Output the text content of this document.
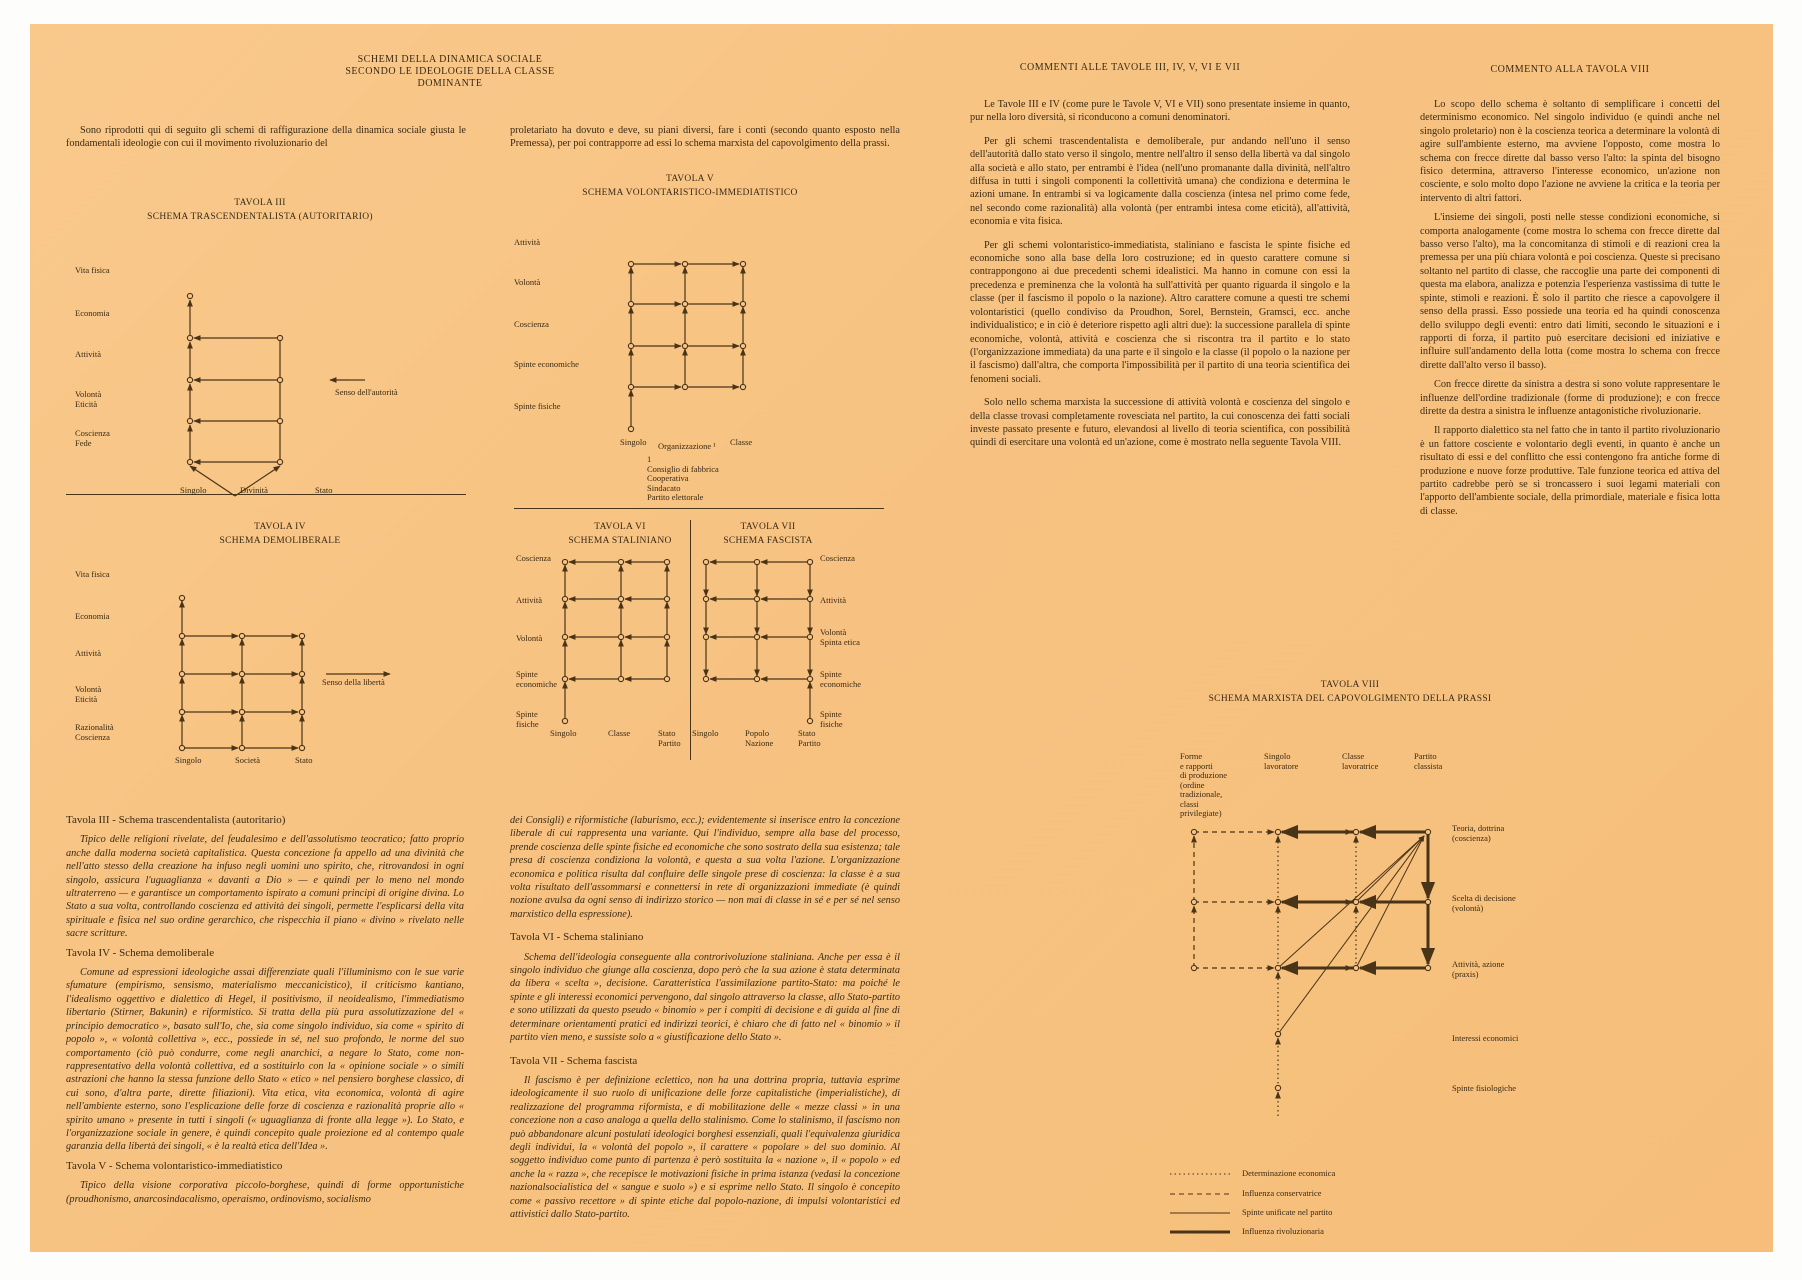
SCHEMI DELLA DINAMICA SOCIALE
SECONDO LE IDEOLOGIE DELLA CLASSE DOMINANTE

Sono riprodotti qui di seguito gli schemi di raffigurazione della dinamica sociale giusta le fondamentali ideologie con cui il movimento rivoluzionario del

proletariato ha dovuto e deve, su piani diversi, fare i conti (secondo quanto esposto nella Premessa), per poi contrapporre ad essi lo schema marxista del capovolgimento della prassi.

TAVOLA III
SCHEMA TRASCENDENTALISTA (AUTORITARIO)
TAVOLA IV
SCHEMA DEMOLIBERALE
TAVOLA V
SCHEMA VOLONTARISTICO-IMMEDIATISTICO
1
Consiglio di fabbrica
Cooperativa
Sindacato
Partito elettorale
TAVOLA VI
SCHEMA STALINIANO
TAVOLA VII
SCHEMA FASCISTA
Tavola III - Schema trascendentalista (autoritario)

Tipico delle religioni rivelate, del feudalesimo e dell'assolutismo teocratico; fatto proprio anche dalla moderna società capitalistica. Questa concezione fa appello ad una divinità che nell'atto stesso della creazione ha infuso negli uomini uno spirito, che, ritrovandosi in ogni singolo, assicura l'uguaglianza « davanti a Dio » — e quindi per lo meno nel mondo ultraterreno — e garantisce un comportamento ispirato a comuni principi di origine divina. Lo Stato a sua volta, controllando coscienza ed attività dei singoli, permette l'esplicarsi della vita spirituale e fisica nel suo ordine gerarchico, che rispecchia il piano « divino » rivelato nelle sacre scritture.

Tavola IV - Schema demoliberale

Comune ad espressioni ideologiche assai differenziate quali l'illuminismo con le sue varie sfumature (empirismo, sensismo, materialismo meccanicistico), il criticismo kantiano, l'idealismo oggettivo e dialettico di Hegel, il positivismo, il neoidealismo, l'immediatismo libertario (Stirner, Bakunin) e riformistico. Si tratta della più pura assolutizzazione del « principio democratico », basato sull'Io, che, sia come singolo individuo, sia come « spirito di popolo », « volontà collettiva », ecc., possiede in sé, nel suo profondo, le norme del suo comportamento (ciò può condurre, come negli anarchici, a negare lo Stato, come non-rappresentativo della volontà collettiva, ed a sostituirlo con la « opinione sociale » o simili astrazioni che hanno la stessa funzione dello Stato « etico » nel pensiero borghese classico, di cui sono, d'altra parte, dirette filiazioni). Vita etica, vita economica, volontà di agire nell'ambiente esterno, sono l'esplicazione delle forze di coscienza e razionalità proprie allo « spirito umano » presente in tutti i singoli (« uguaglianza di fronte alla legge »). Lo Stato, e l'organizzazione sociale in genere, è quindi concepito quale proiezione ed al contempo quale garanzia della libertà dei singoli, « è la realtà etica dell'Idea ».

Tavola V - Schema volontaristico-immediatistico

Tipico della visione corporativa piccolo-borghese, quindi di forme opportunistiche (proudhonismo, anarcosindacalismo, operaismo, ordinovismo, socialismo

dei Consigli) e riformistiche (laburismo, ecc.); evidentemente si inserisce entro la concezione liberale di cui rappresenta una variante. Qui l'individuo, sempre alla base del processo, prende coscienza delle spinte fisiche ed economiche che sono sostrato della sua esistenza; tale presa di coscienza condiziona la volontà, e questa a sua volta l'azione. L'organizzazione economica e politica risulta dal confluire delle singole prese di coscienza: la classe è a sua volta risultato dell'assommarsi e connettersi in rete di organizzazioni immediate (è quindi nozione avulsa da ogni senso di indirizzo storico — non mai di classe in sé e per sé nel senso marxistico della espressione).

Tavola VI - Schema staliniano

Schema dell'ideologia conseguente alla controrivoluzione staliniana. Anche per essa è il singolo individuo che giunge alla coscienza, dopo però che la sua azione è stata determinata da libera « scelta », decisione. Caratteristica l'assimilazione partito-Stato: ma poiché le spinte e gli interessi economici pervengono, dal singolo attraverso la classe, allo Stato-partito e sono utilizzati da questo pseudo « binomio » per i compiti di decisione e di guida al fine di determinare orientamenti pratici ed indirizzi teorici, è chiaro che di fatto nel « binomio » il partito vien meno, e sussiste solo a « giustificazione dello Stato ».

Tavola VII - Schema fascista

Il fascismo è per definizione eclettico, non ha una dottrina propria, tuttavia esprime ideologicamente il suo ruolo di unificazione delle forze capitalistiche (imperialistiche), di realizzazione del programma riformista, e di mobilitazione delle « mezze classi » in una concezione non a caso analoga a quella dello stalinismo. Come lo stalinismo, il fascismo non può abbandonare alcuni postulati ideologici borghesi essenziali, quali l'equivalenza giuridica degli individui, la « volontà del popolo », il carattere « popolare » del suo dominio. Al soggetto individuo come punto di partenza è però sostituita la « nazione », il « popolo » ed anche la « razza », che recepisce le motivazioni fisiche in prima istanza (vedasi la concezione nazionalsocialistica del « sangue e suolo ») e si esprime nello Stato. Il singolo è concepito come « passivo recettore » di spinte etiche dal popolo-nazione, di impulsi volontaristici ed attivistici dallo Stato-partito.

COMMENTI ALLE TAVOLE III, IV, V, VI E VII

Le Tavole III e IV (come pure le Tavole V, VI e VII) sono presentate insieme in quanto, pur nella loro diversità, si riconducono a comuni denominatori.

Per gli schemi trascendentalista e demoliberale, pur andando nell'uno il senso dell'autorità dallo stato verso il singolo, mentre nell'altro il senso della libertà va dal singolo alla società e allo stato, per entrambi è l'idea (nell'uno promanante dalla divinità, nell'altro diffusa in tutti i singoli componenti la collettività umana) che condiziona e determina le azioni umane. In entrambi si va logicamente dalla coscienza (intesa nel primo come fede, nel secondo come razionalità) alla volontà (per entrambi intesa come eticità), all'attività, economia e vita fisica.

Per gli schemi volontaristico-immediatista, staliniano e fascista le spinte fisiche ed economiche sono alla base della loro costruzione; ed in questo carattere comune si contrappongono ai due precedenti schemi idealistici. Ma hanno in comune con essi la precedenza e preminenza che la volontà ha sull'attività per quanto riguarda il singolo e la classe (per il fascismo il popolo o la nazione). Altro carattere comune a questi tre schemi volontaristici (quello condiviso da Proudhon, Sorel, Bernstein, Gramsci, ecc. anche individualistico; e in ciò è deteriore rispetto agli altri due): la successione parallela di spinte economiche, volontà, attività e coscienza che si riscontra tra il partito e lo stato (l'organizzazione immediata) da una parte e il singolo e la classe (il popolo o la nazione per il fascismo) dall'altra, che comporta l'impossibilità per il partito di una teoria scientifica dei fenomeni sociali.

Solo nello schema marxista la successione di attività volontà e coscienza del singolo e della classe trovasi completamente rovesciata nel partito, la cui conoscenza dei fatti sociali investe passato presente e futuro, elevandosi al livello di teoria scientifica, con possibilità quindi di esercitare una volontà ed un'azione, come è mostrato nella seguente Tavola VIII.

COMMENTO ALLA TAVOLA VIII

Lo scopo dello schema è soltanto di semplificare i concetti del determinismo economico. Nel singolo individuo (e quindi anche nel singolo proletario) non è la coscienza teorica a determinare la volontà di agire sull'ambiente esterno, ma avviene l'opposto, come mostra lo schema con frecce dirette dal basso verso l'alto: la spinta del bisogno fisico determina, attraverso l'interesse economico, un'azione non cosciente, e solo molto dopo l'azione ne avviene la critica e la teoria per intervento di altri fattori.

L'insieme dei singoli, posti nelle stesse condizioni economiche, si comporta analogamente (come mostra lo schema con frecce dirette dal basso verso l'alto), ma la concomitanza di stimoli e di reazioni crea la premessa per una più chiara volontà e poi coscienza. Queste si precisano soltanto nel partito di classe, che raccoglie una parte dei componenti di questa ma elabora, analizza e potenzia l'esperienza vastissima di tutte le spinte, stimoli e reazioni. È solo il partito che riesce a capovolgere il senso della prassi. Esso possiede una teoria ed ha quindi conoscenza dello sviluppo degli eventi: entro dati limiti, secondo le situazioni e i rapporti di forza, il partito può esercitare decisioni ed iniziative e influire sull'andamento della lotta (come mostra lo schema con frecce dirette dall'alto verso il basso).

Con frecce dirette da sinistra a destra si sono volute rappresentare le influenze dell'ordine tradizionale (forme di produzione); e con frecce dirette da destra a sinistra le influenze antagonistiche rivoluzionarie.

Il rapporto dialettico sta nel fatto che in tanto il partito rivoluzionario è un fattore cosciente e volontario degli eventi, in quanto è anche un risultato di essi e del conflitto che essi contengono fra antiche forme di produzione e nuove forze produttive. Tale funzione teorica ed attiva del partito cadrebbe però se si troncassero i suoi legami materiali con l'apporto dell'ambiente sociale, della primordiale, materiale e fisica lotta di classe.

TAVOLA VIII
SCHEMA MARXISTA DEL CAPOVOLGIMENTO DELLA PRASSI
Vita fisica
Economia
Attività
Volontà
Eticità
Coscienza
Fede
Singolo	Divinità	Stato
Senso dell'autorità
Vita fisica
Economia
Attività
Volontà
Eticità
Razionalità
Coscienza
Singolo	Società	Stato
Senso della libertà
Attività
Volontà
Coscienza
Spinte economiche
Spinte fisiche
Singolo Organizzazione ¹ Classe
Coscienza
Attività
Volontà
Spinte
economiche
Spinte
fisiche
Singolo	Classe	Stato
Partito
Coscienza
Attività
Volontà
Spinta etica
Spinte
economiche
Spinte
fisiche
Singolo	Popolo
Nazione
Stato
Partito
Forme
e rapporti
di produzione
(ordine
tradizionale,
classi
privilegiate)
Singolo
lavoratore
Classe
lavoratrice
Partito
classista
Teoria, dottrina
(coscienza)
Scelta di decisione
(volontà)
Attività, azione
(praxis)
Interessi economici
Spinte fisiologiche
Determinazione economica
Influenza conservatrice
Spinte unificate nel partito
Influenza rivoluzionaria
